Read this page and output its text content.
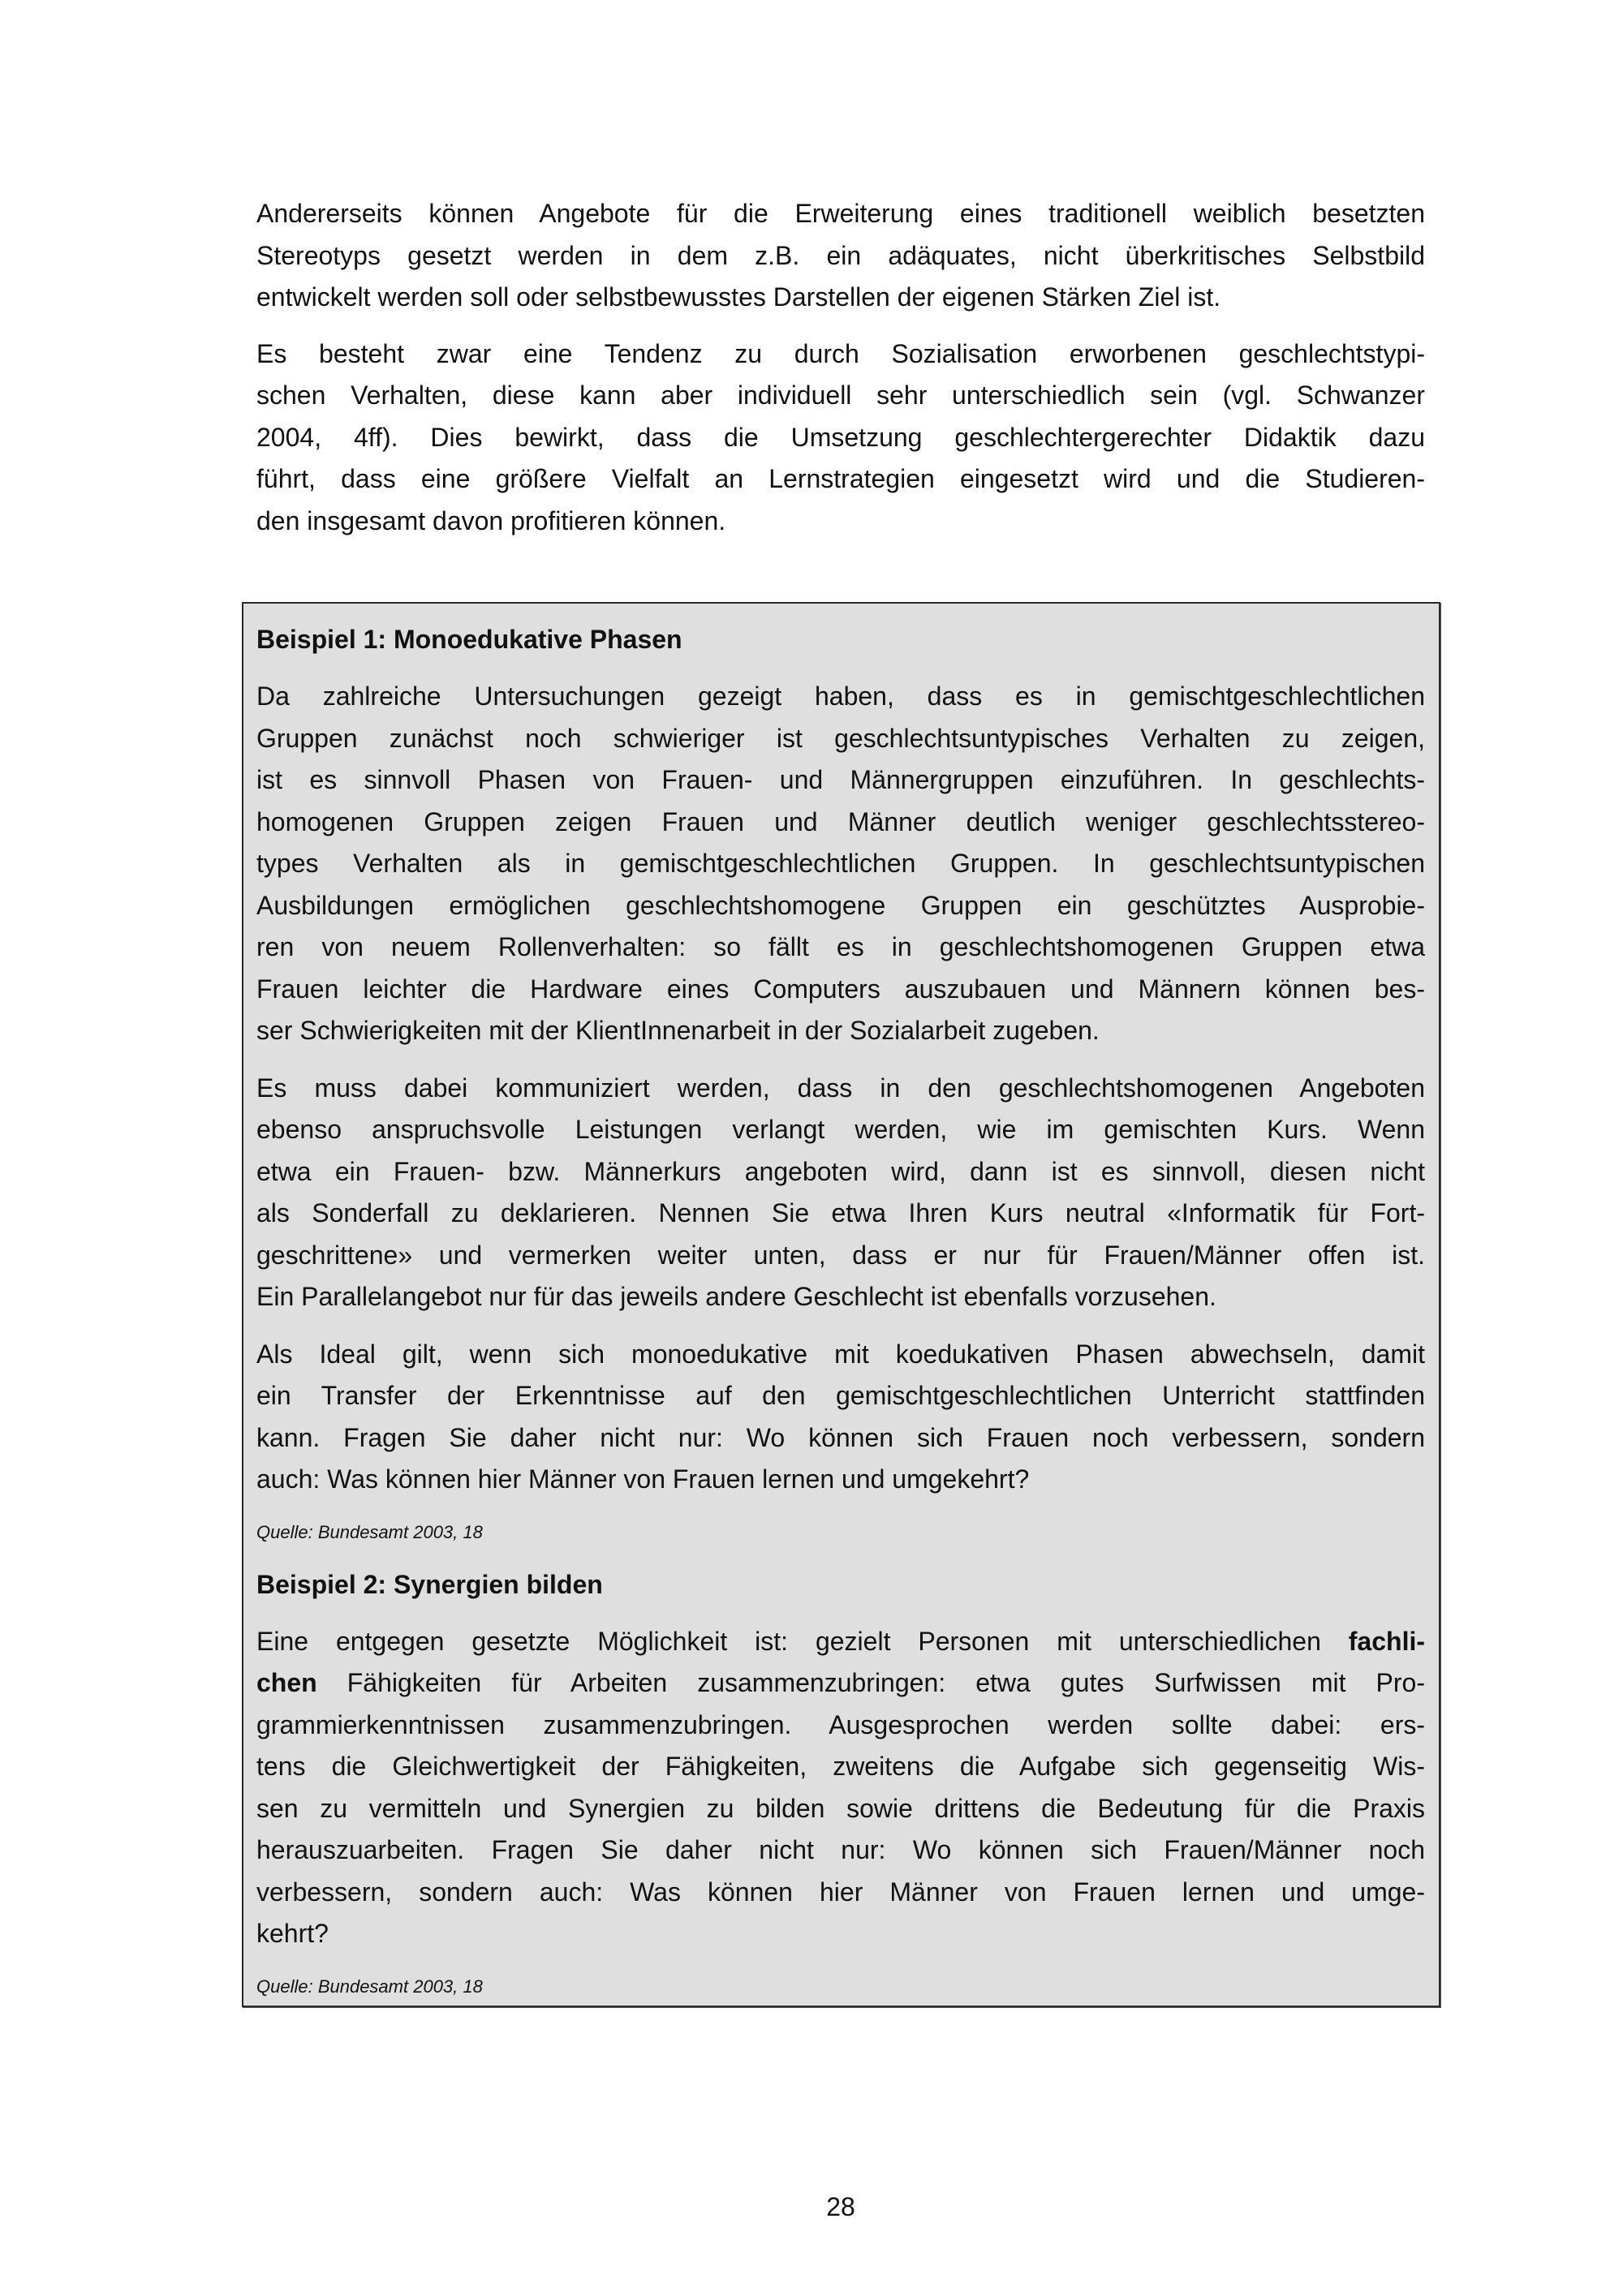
Andererseits können Angebote für die Erweiterung eines traditionell weiblich besetzten
Stereotyps gesetzt werden in dem z.B. ein adäquates, nicht überkritisches Selbstbild
entwickelt werden soll oder selbstbewusstes Darstellen der eigenen Stärken Ziel ist.
Es besteht zwar eine Tendenz zu durch Sozialisation erworbenen geschlechtstypi-
schen Verhalten, diese kann aber individuell sehr unterschiedlich sein (vgl. Schwanzer
2004, 4ff). Dies bewirkt, dass die Umsetzung geschlechtergerechter Didaktik dazu
führt, dass eine größere Vielfalt an Lernstrategien eingesetzt wird und die Studieren-
den insgesamt davon profitieren können.
Beispiel 1: Monoedukative Phasen
Da zahlreiche Untersuchungen gezeigt haben, dass es in gemischtgeschlechtlichen
Gruppen zunächst noch schwieriger ist geschlechtsuntypisches Verhalten zu zeigen,
ist es sinnvoll Phasen von Frauen- und Männergruppen einzuführen. In geschlechts-
homogenen Gruppen zeigen Frauen und Männer deutlich weniger geschlechtsstereo-
types Verhalten als in gemischtgeschlechtlichen Gruppen. In geschlechtsuntypischen
Ausbildungen ermöglichen geschlechtshomogene Gruppen ein geschütztes Ausprobie-
ren von neuem Rollenverhalten: so fällt es in geschlechtshomogenen Gruppen etwa
Frauen leichter die Hardware eines Computers auszubauen und Männern können bes-
ser Schwierigkeiten mit der KlientInnenarbeit in der Sozialarbeit zugeben.
Es muss dabei kommuniziert werden, dass in den geschlechtshomogenen Angeboten
ebenso anspruchsvolle Leistungen verlangt werden, wie im gemischten Kurs. Wenn
etwa ein Frauen- bzw. Männerkurs angeboten wird, dann ist es sinnvoll, diesen nicht
als Sonderfall zu deklarieren. Nennen Sie etwa Ihren Kurs neutral «Informatik für Fort-
geschrittene» und vermerken weiter unten, dass er nur für Frauen/Männer offen ist.
Ein Parallelangebot nur für das jeweils andere Geschlecht ist ebenfalls vorzusehen.
Als Ideal gilt, wenn sich monoedukative mit koedukativen Phasen abwechseln, damit
ein Transfer der Erkenntnisse auf den gemischtgeschlechtlichen Unterricht stattfinden
kann. Fragen Sie daher nicht nur: Wo können sich Frauen noch verbessern, sondern
auch: Was können hier Männer von Frauen lernen und umgekehrt?
Quelle: Bundesamt 2003, 18
Beispiel 2: Synergien bilden
Eine entgegen gesetzte Möglichkeit ist: gezielt Personen mit unterschiedlichen fachli-
chen Fähigkeiten für Arbeiten zusammenzubringen: etwa gutes Surfwissen mit Pro-
grammierkenntnissen zusammenzubringen. Ausgesprochen werden sollte dabei: ers-
tens die Gleichwertigkeit der Fähigkeiten, zweitens die Aufgabe sich gegenseitig Wis-
sen zu vermitteln und Synergien zu bilden sowie drittens die Bedeutung für die Praxis
herauszuarbeiten. Fragen Sie daher nicht nur: Wo können sich Frauen/Männer noch
verbessern, sondern auch: Was können hier Männer von Frauen lernen und umge-
kehrt?
Quelle: Bundesamt 2003, 18
28
